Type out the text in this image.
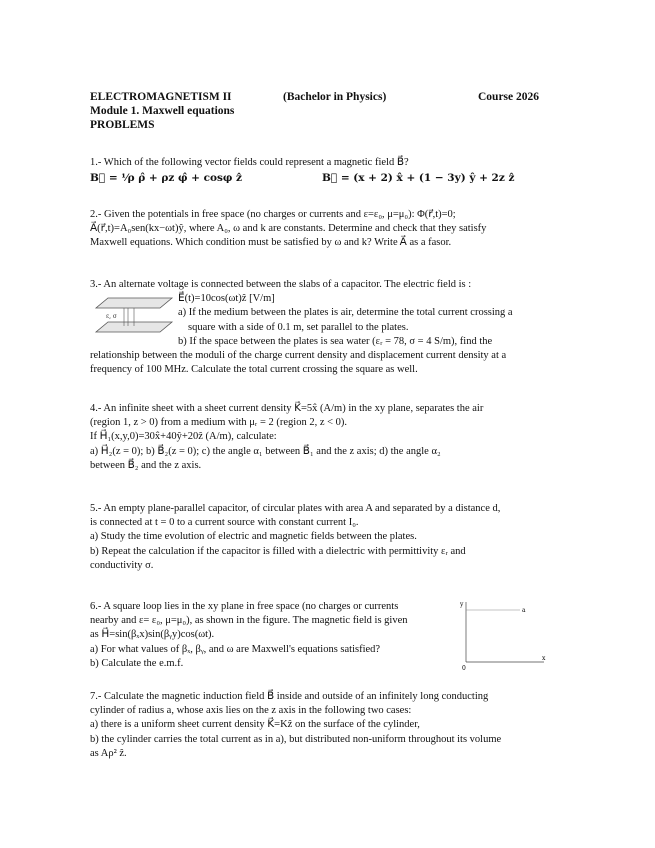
ELECTROMAGNETISM II	(Bachelor in Physics)	Course 2026
Module 1. Maxwell equations
PROBLEMS
1.- Which of the following vector fields could represent a magnetic field B⃗?
B⃗ = ¹⁄ρ ρ̂ + ρz φ̂ + cosφ ẑ	B⃗ = (x + 2) x̂ + (1 − 3y) ŷ + 2z ẑ
2.- Given the potentials in free space (no charges or currents and ε=ε₀, μ=μ₀): Φ(r⃗,t)=0;
A⃗(r⃗,t)=A₀sen(kx−ωt)ŷ, where A₀, ω and k are constants. Determine and check that they satisfy
Maxwell equations. Which condition must be satisfied by ω and k? Write A⃗ as a fasor.
3.- An alternate voltage is connected between the slabs of a capacitor. The electric field is :
E⃗(t)=10cos(ωt)ẑ [V/m]
a) If the medium between the plates is air, determine the total current crossing a
square with a side of 0.1 m, set parallel to the plates.
b) If the space between the plates is sea water (εᵣ = 78, σ = 4 S/m), find the
relationship between the moduli of the charge current density and displacement current density at a
frequency of 100 MHz. Calculate the total current crossing the square as well.
ε, σ
4.- An infinite sheet with a sheet current density K⃗=5x̂ (A/m) in the xy plane, separates the air
(region 1, z > 0) from a medium with μᵣ = 2 (region 2, z < 0).
If H⃗₁(x,y,0)=30x̂+40ŷ+20ẑ (A/m), calculate:
a) H⃗₂(z = 0); b) B⃗₂(z = 0); c) the angle α₁ between B⃗₁ and the z axis; d) the angle α₂
between B⃗₂ and the z axis.
5.- An empty plane-parallel capacitor, of circular plates with area A and separated by a distance d,
is connected at t = 0 to a current source with constant current I₀.
a) Study the time evolution of electric and magnetic fields between the plates.
b) Repeat the calculation if the capacitor is filled with a dielectric with permittivity εᵣ and
conductivity σ.
6.- A square loop lies in the xy plane in free space (no charges or currents
nearby and ε= ε₀, μ=μ₀), as shown in the figure. The magnetic field is given
as H⃗=sin(βₓx)sin(βᵧy)cos(ωt).
a) For what values of βₓ, βᵧ, and ω are Maxwell's equations satisfied?
b) Calculate the e.m.f.
y
x
0
a
7.- Calculate the magnetic induction field B⃗ inside and outside of an infinitely long conducting
cylinder of radius a, whose axis lies on the z axis in the following two cases:
a) there is a uniform sheet current density K⃗=Kẑ on the surface of the cylinder,
b) the cylinder carries the total current as in a), but distributed non-uniform throughout its volume
as Aρ² ẑ.
